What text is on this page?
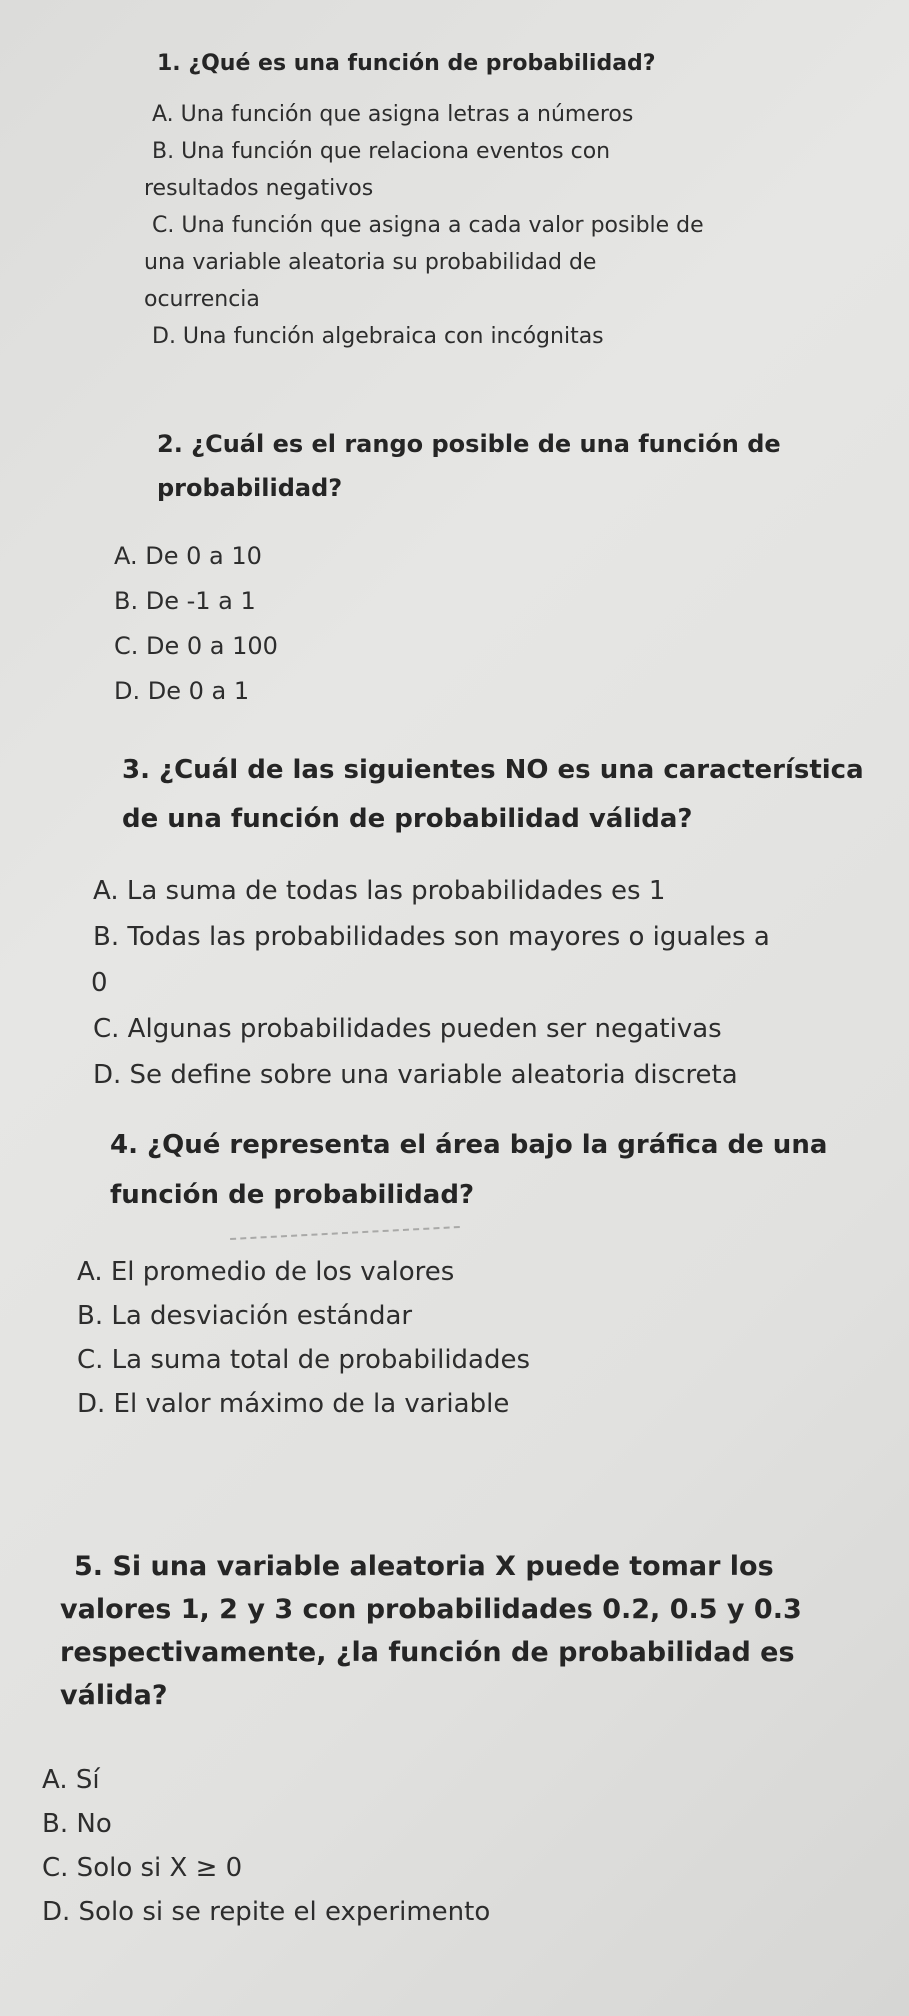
1. ¿Qué es una función de probabilidad?

A. Una función que asigna letras a números
B. Una función que relaciona eventos con
resultados negativos
C. Una función que asigna a cada valor posible de
una variable aleatoria su probabilidad de
ocurrencia
D. Una función algebraica con incógnitas

2. ¿Cuál es el rango posible de una función de probabilidad?

A. De 0 a 10
B. De -1 a 1
C. De 0 a 100
D. De 0 a 1

3. ¿Cuál de las siguientes NO es una característica de una función de probabilidad válida?

A. La suma de todas las probabilidades es 1
B. Todas las probabilidades son mayores o iguales a
0
C. Algunas probabilidades pueden ser negativas
D. Se define sobre una variable aleatoria discreta

4. ¿Qué representa el área bajo la gráfica de una función de probabilidad?

A. El promedio de los valores
B. La desviación estándar
C. La suma total de probabilidades
D. El valor máximo de la variable

5. Si una variable aleatoria X puede tomar los
valores 1, 2 y 3 con probabilidades 0.2, 0.5 y 0.3
respectivamente, ¿la función de probabilidad es
válida?

A. Sí
B. No
C. Solo si X ≥ 0
D. Solo si se repite el experimento
